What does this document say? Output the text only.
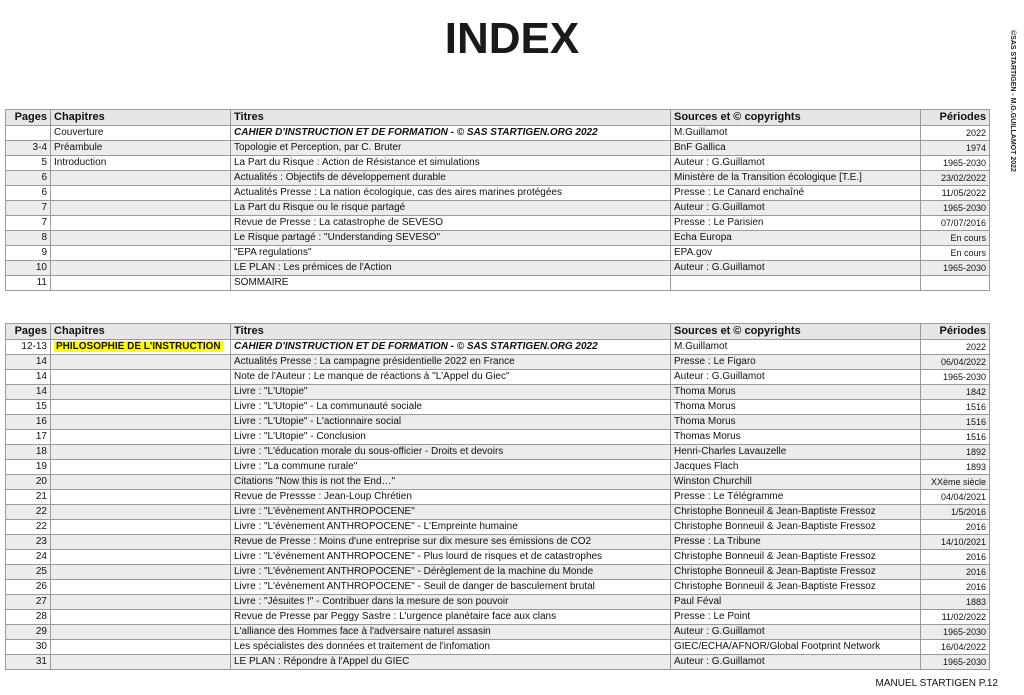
INDEX	©SAS STARTIGEN - M.G.GUILLAMOT 2022
Pages	Chapitres	Titres	Sources et © copyrights	Périodes
	Couverture	CAHIER D'INSTRUCTION ET DE FORMATION - © SAS STARTIGEN.ORG 2022	M.Guillamot	2022
3-4	Préambule	Topologie et Perception, par C. Bruter	BnF Gallica	1974
5	Introduction	La Part du Risque : Action de Résistance et simulations	Auteur : G.Guillamot	1965-2030
6		Actualités : Objectifs de développement durable	Ministère de la Transition écologique [T.E.]	23/02/2022
6		Actualités Presse : La nation écologique, cas des aires marines protégées	Presse : Le Canard enchaîné	11/05/2022
7		La Part du Risque ou le risque partagé	Auteur : G.Guillamot	1965-2030
7		Revue de Presse : La catastrophe de SEVESO	Presse : Le Parisien	07/07/2016
8		Le Risque partagé : "Understanding SEVESO"	Echa Europa	En cours
9		"EPA regulations"	EPA.gov	En cours
10		LE PLAN : Les prémices de l'Action	Auteur : G.Guillamot	1965-2030
11		SOMMAIRE		
Pages	Chapitres	Titres	Sources et © copyrights	Périodes
12-13	PHILOSOPHIE DE L'INSTRUCTION	CAHIER D'INSTRUCTION ET DE FORMATION - © SAS STARTIGEN.ORG 2022	M.Guillamot	2022
14		Actualités Presse : La campagne présidentielle 2022 en France	Presse : Le Figaro	06/04/2022
14		Note de l'Auteur : Le manque de réactions à "L'Appel du Giec"	Auteur : G.Guillamot	1965-2030
14		Livre : "L'Utopie"	Thoma Morus	1842
15		Livre : "L'Utopie" - La communauté sociale	Thoma Morus	1516
16		Livre : "L'Utopie" - L'actionnaire social	Thoma Morus	1516
17		Livre : "L'Utopie" - Conclusion	Thomas Morus	1516
18		Livre : "L'éducation morale du sous-officier - Droits et devoirs	Henri-Charles Lavauzelle	1892
19		Livre : "La commune rurale"	Jacques Flach	1893
20		Citations "Now this is not the End…"	Winston Churchill	XXème siècle
21		Revue de Pressse : Jean-Loup Chrétien	Presse : Le Télégramme	04/04/2021
22		Livre : "L'évènement ANTHROPOCENE"	Christophe Bonneuil & Jean-Baptiste Fressoz	1/5/2016
22		Livre : "L'évènement ANTHROPOCENE" - L'Empreinte humaine	Christophe Bonneuil & Jean-Baptiste Fressoz	2016
23		Revue de Presse : Moins d'une entreprise sur dix mesure ses émissions de CO2	Presse : La Tribune	14/10/2021
24		Livre : "L'évènement ANTHROPOCENE" - Plus lourd de risques et de catastrophes	Christophe Bonneuil & Jean-Baptiste Fressoz	2016
25		Livre : "L'évènement ANTHROPOCENE" - Dérèglement de la machine du Monde	Christophe Bonneuil & Jean-Baptiste Fressoz	2016
26		Livre : "L'évènement ANTHROPOCENE" - Seuil de danger de basculement brutal	Christophe Bonneuil & Jean-Baptiste Fressoz	2016
27		Livre : "Jésuites !" - Contribuer dans la mesure de son pouvoir	Paul Féval	1883
28		Revue de Presse par Peggy Sastre : L'urgence planétaire face aux clans	Presse : Le Point	11/02/2022
29		L'alliance des Hommes face à l'adversaire naturel assasin	Auteur : G.Guillamot	1965-2030
30		Les spécialistes des données et traitement de l'infomation	GIEC/ECHA/AFNOR/Global Footprint Network	16/04/2022
31		LE PLAN : Répondre à l'Appel du GIEC	Auteur : G.Guillamot	1965-2030
MANUEL STARTIGEN P.12
